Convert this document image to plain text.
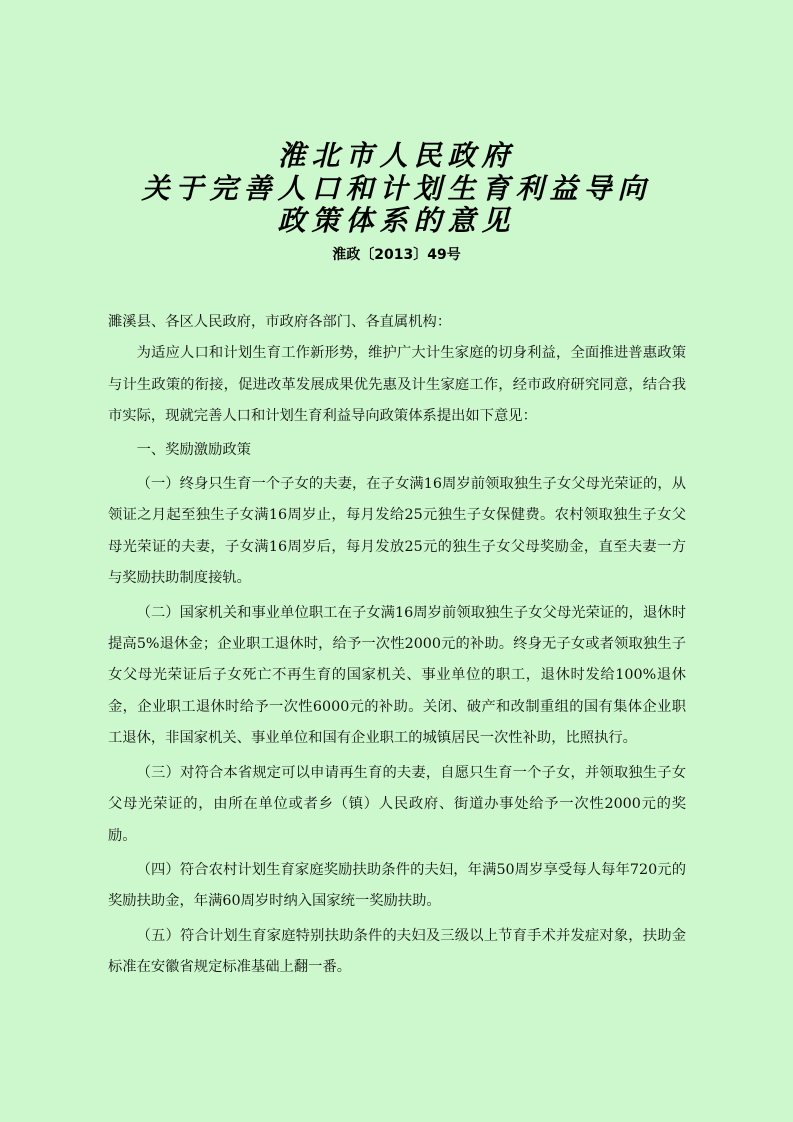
淮北市人民政府
关于完善人口和计划生育利益导向
政策体系的意见
淮政〔2013〕49号

濉溪县、各区人民政府，市政府各部门、各直属机构：

为适应人口和计划生育工作新形势，维护广大计生家庭的切身利益，全面推进普惠政策与计生政策的衔接，促进改革发展成果优先惠及计生家庭工作，经市政府研究同意，结合我市实际，现就完善人口和计划生育利益导向政策体系提出如下意见：

一、奖励激励政策

（一）终身只生育一个子女的夫妻，在子女满16周岁前领取独生子女父母光荣证的，从领证之月起至独生子女满16周岁止，每月发给25元独生子女保健费。农村领取独生子女父母光荣证的夫妻，子女满16周岁后，每月发放25元的独生子女父母奖励金，直至夫妻一方与奖励扶助制度接轨。

（二）国家机关和事业单位职工在子女满16周岁前领取独生子女父母光荣证的，退休时提高5%退休金；企业职工退休时，给予一次性2000元的补助。终身无子女或者领取独生子女父母光荣证后子女死亡不再生育的国家机关、事业单位的职工，退休时发给100%退休金，企业职工退休时给予一次性6000元的补助。关闭、破产和改制重组的国有集体企业职工退休，非国家机关、事业单位和国有企业职工的城镇居民一次性补助，比照执行。

（三）对符合本省规定可以申请再生育的夫妻，自愿只生育一个子女，并领取独生子女父母光荣证的，由所在单位或者乡（镇）人民政府、街道办事处给予一次性2000元的奖励。

（四）符合农村计划生育家庭奖励扶助条件的夫妇，年满50周岁享受每人每年720元的奖励扶助金，年满60周岁时纳入国家统一奖励扶助。

（五）符合计划生育家庭特别扶助条件的夫妇及三级以上节育手术并发症对象，扶助金标准在安徽省规定标准基础上翻一番。
